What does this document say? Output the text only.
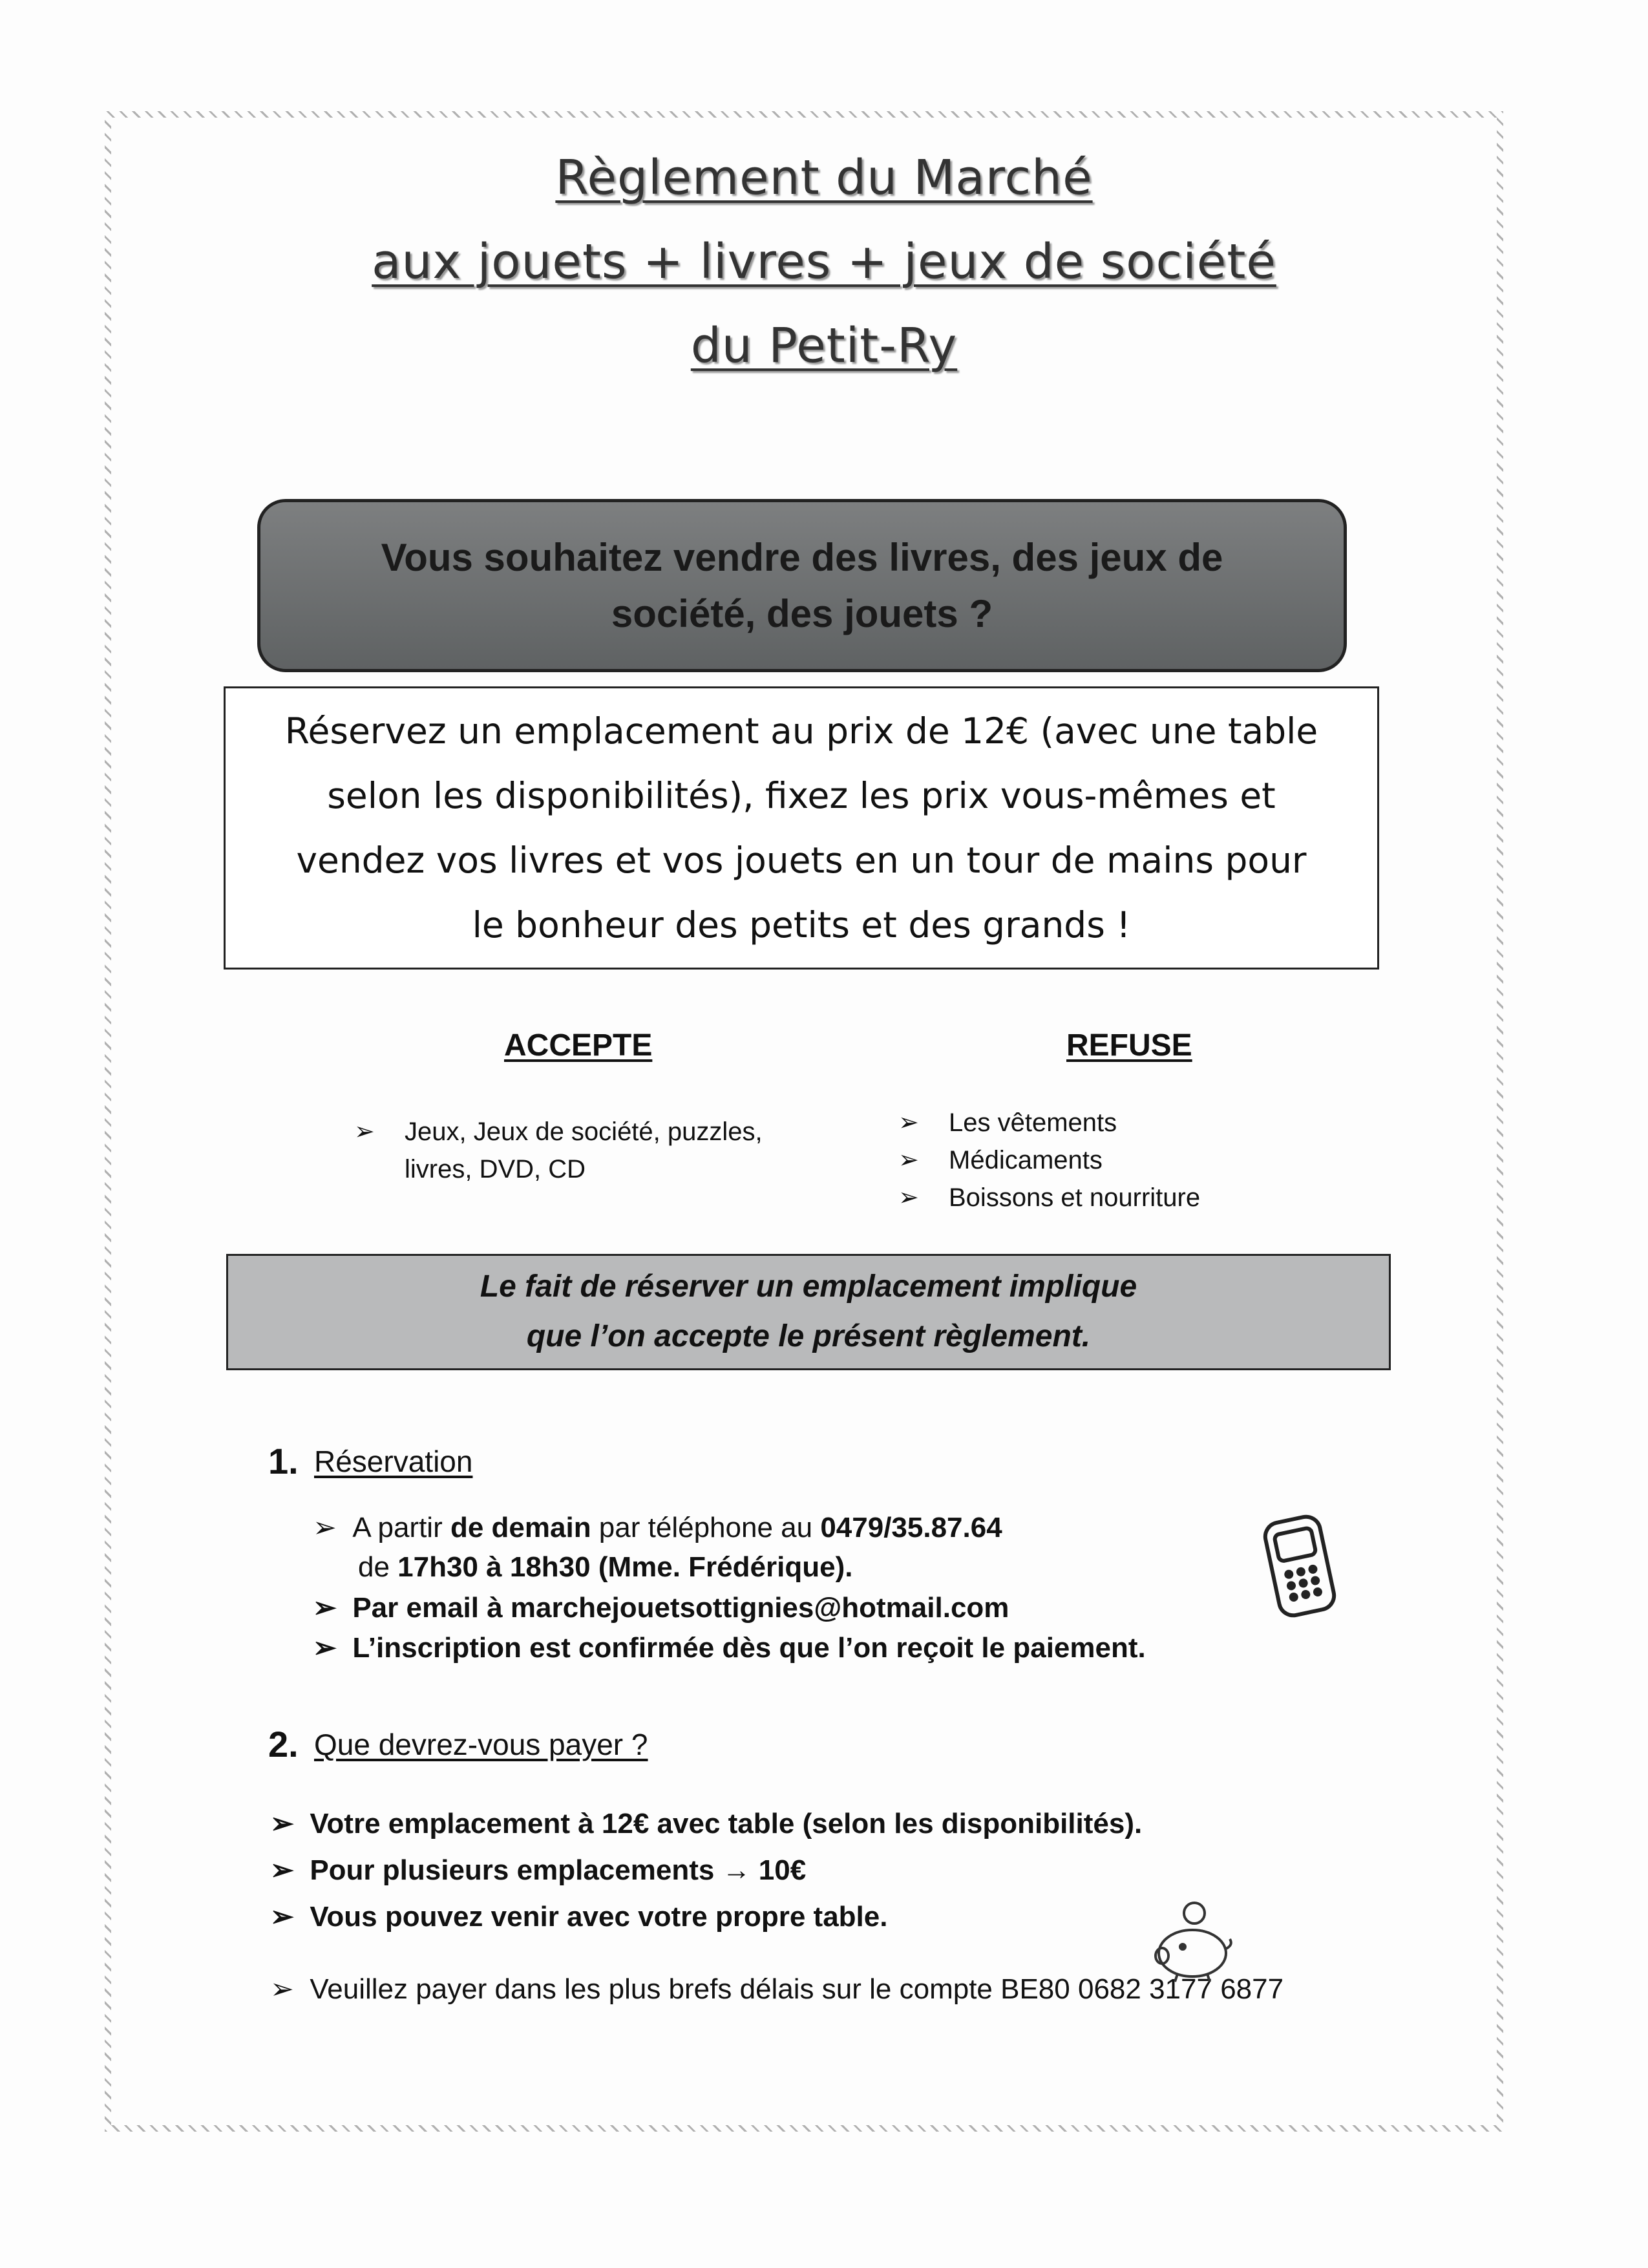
Règlement du Marché
aux jouets + livres + jeux de société
du Petit-Ry
Vous souhaitez vendre des livres, des jeux de
société, des jouets ?
Réservez un emplacement au prix de 12€ (avec une table
selon les disponibilités), fixez les prix vous-mêmes et
vendez vos livres et vos jouets en un tour de mains pour
le bonheur des petits et des grands !
ACCEPTE	REFUSE
➢ Jeux, Jeux de société, puzzles,
livres, DVD, CD
➢ Les vêtements
➢ Médicaments
➢ Boissons et nourriture
Le fait de réserver un emplacement implique
que l’on accepte le présent règlement.
1. Réservation
➢ A partir de demain par téléphone au 0479/35.87.64
de 17h30 à 18h30 (Mme. Frédérique).
➢ Par email à marchejouetsottignies@hotmail.com
➢ L’inscription est confirmée dès que l’on reçoit le paiement.
2. Que devrez-vous payer ?
➢ Votre emplacement à 12€ avec table (selon les disponibilités).
➢ Pour plusieurs emplacements → 10€
➢ Vous pouvez venir avec votre propre table.
➢ Veuillez payer dans les plus brefs délais sur le compte BE80 0682 3177 6877
